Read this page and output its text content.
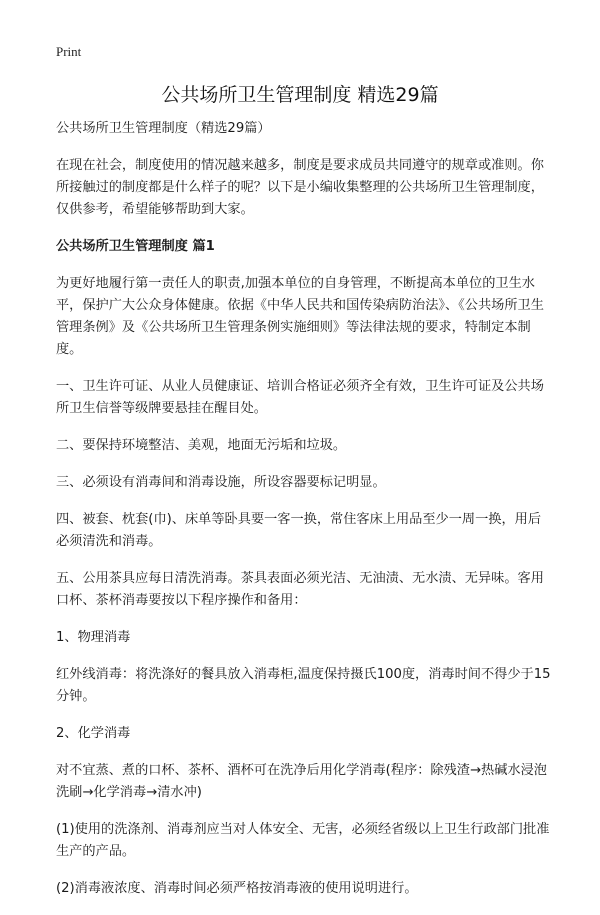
Print
公共场所卫生管理制度 精选29篇
公共场所卫生管理制度（精选29篇）

在现在社会，制度使用的情况越来越多，制度是要求成员共同遵守的规章或准则。你所接触过的制度都是什么样子的呢？以下是小编收集整理的公共场所卫生管理制度，仅供参考，希望能够帮助到大家。

公共场所卫生管理制度 篇1

为更好地履行第一责任人的职责,加强本单位的自身管理，不断提高本单位的卫生水平，保护广大公众身体健康。依据《中华人民共和国传染病防治法》、《公共场所卫生管理条例》及《公共场所卫生管理条例实施细则》等法律法规的要求，特制定本制度。

一、卫生许可证、从业人员健康证、培训合格证必须齐全有效，卫生许可证及公共场所卫生信誉等级牌要悬挂在醒目处。

二、要保持环境整洁、美观，地面无污垢和垃圾。

三、必须设有消毒间和消毒设施，所设容器要标记明显。

四、被套、枕套(巾)、床单等卧具要一客一换，常住客床上用品至少一周一换，用后必须清洗和消毒。

五、公用茶具应每日清洗消毒。茶具表面必须光洁、无油渍、无水渍、无异味。客用口杯、茶杯消毒要按以下程序操作和备用：

1、物理消毒

红外线消毒：将洗涤好的餐具放入消毒柜,温度保持摄氏100度，消毒时间不得少于15分钟。

2、化学消毒

对不宜蒸、煮的口杯、茶杯、酒杯可在洗净后用化学消毒(程序：除残渣→热碱水浸泡洗刷→化学消毒→清水冲)

(1)使用的洗涤剂、消毒剂应当对人体安全、无害，必须经省级以上卫生行政部门批准生产的产品。

(2)消毒液浓度、消毒时间必须严格按消毒液的使用说明进行。
